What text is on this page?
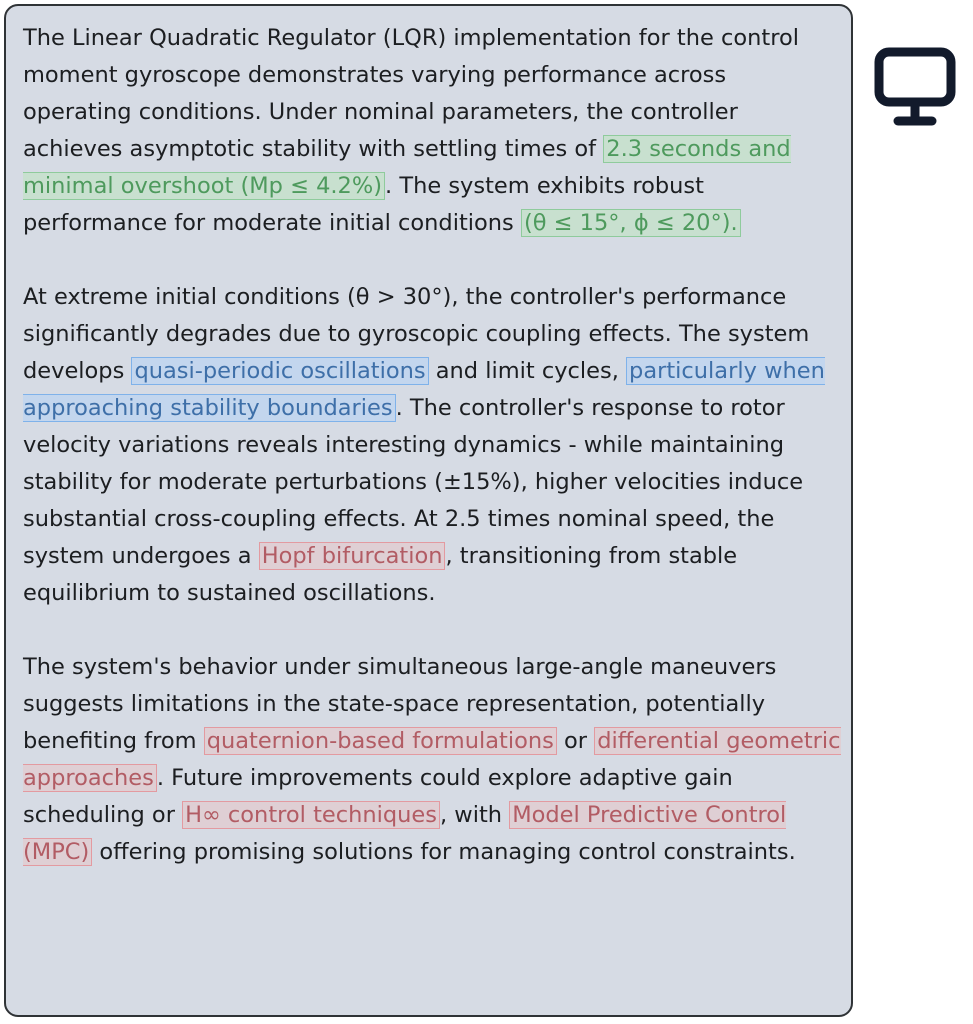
The Linear Quadratic Regulator (LQR) implementation for the control moment gyroscope demonstrates varying performance across operating conditions. Under nominal parameters, the controller achieves asymptotic stability with settling times of 2.3 seconds and minimal overshoot (Mp ≤ 4.2%) . The system exhibits robust performance for moderate initial conditions (θ ≤ 15°, ϕ ≤ 20°).

At extreme initial conditions (θ > 30°), the controller's performance significantly degrades due to gyroscopic coupling effects. The system develops quasi-periodic oscillations and limit cycles, particularly when approaching stability boundaries . The controller's response to rotor velocity variations reveals interesting dynamics - while maintaining stability for moderate perturbations (±15%), higher velocities induce substantial cross-coupling effects. At 2.5 times nominal speed, the system undergoes a Hopf bifurcation , transitioning from stable equilibrium to sustained oscillations.

The system's behavior under simultaneous large-angle maneuvers suggests limitations in the state-space representation, potentially benefiting from quaternion-based formulations or differential geometric approaches . Future improvements could explore adaptive gain scheduling or H∞ control techniques , with Model Predictive Control (MPC) offering promising solutions for managing control constraints.
